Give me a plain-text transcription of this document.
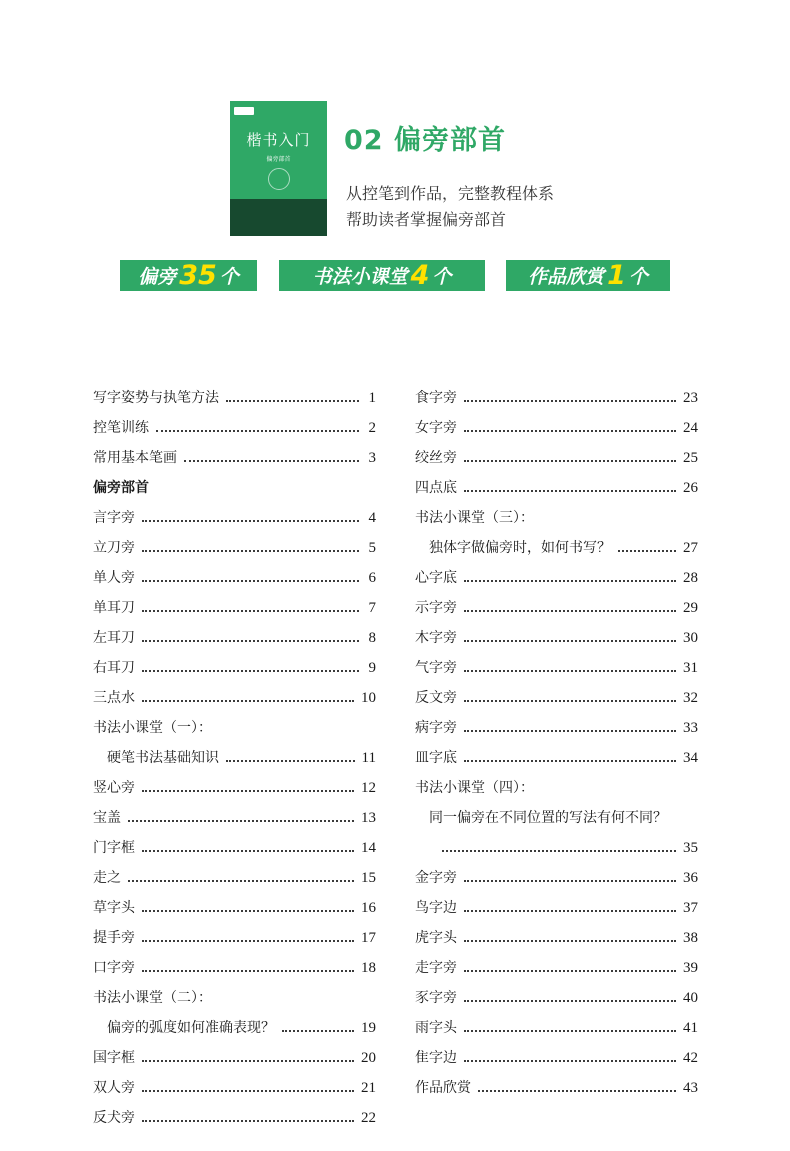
楷书入门
偏旁部首
02 偏旁部首
从控笔到作品，完整教程体系
帮助读者掌握偏旁部首
偏旁 35 个	书法小课堂 4 个	作品欣赏 1 个
写字姿势与执笔方法	1
控笔训练	2
常用基本笔画	3
偏旁部首
言字旁	4
立刀旁	5
单人旁	6
单耳刀	7
左耳刀	8
右耳刀	9
三点水	10
书法小课堂（一）：
硬笔书法基础知识	11
竖心旁	12
宝盖	13
门字框	14
走之	15
草字头	16
提手旁	17
口字旁	18
书法小课堂（二）：
偏旁的弧度如何准确表现？	19
国字框	20
双人旁	21
反犬旁	22
食字旁	23
女字旁	24
绞丝旁	25
四点底	26
书法小课堂（三）：
独体字做偏旁时，如何书写？	27
心字底	28
示字旁	29
木字旁	30
气字旁	31
反文旁	32
病字旁	33
皿字底	34
书法小课堂（四）：
同一偏旁在不同位置的写法有何不同？
35
金字旁	36
鸟字边	37
虎字头	38
走字旁	39
豕字旁	40
雨字头	41
隹字边	42
作品欣赏	43
